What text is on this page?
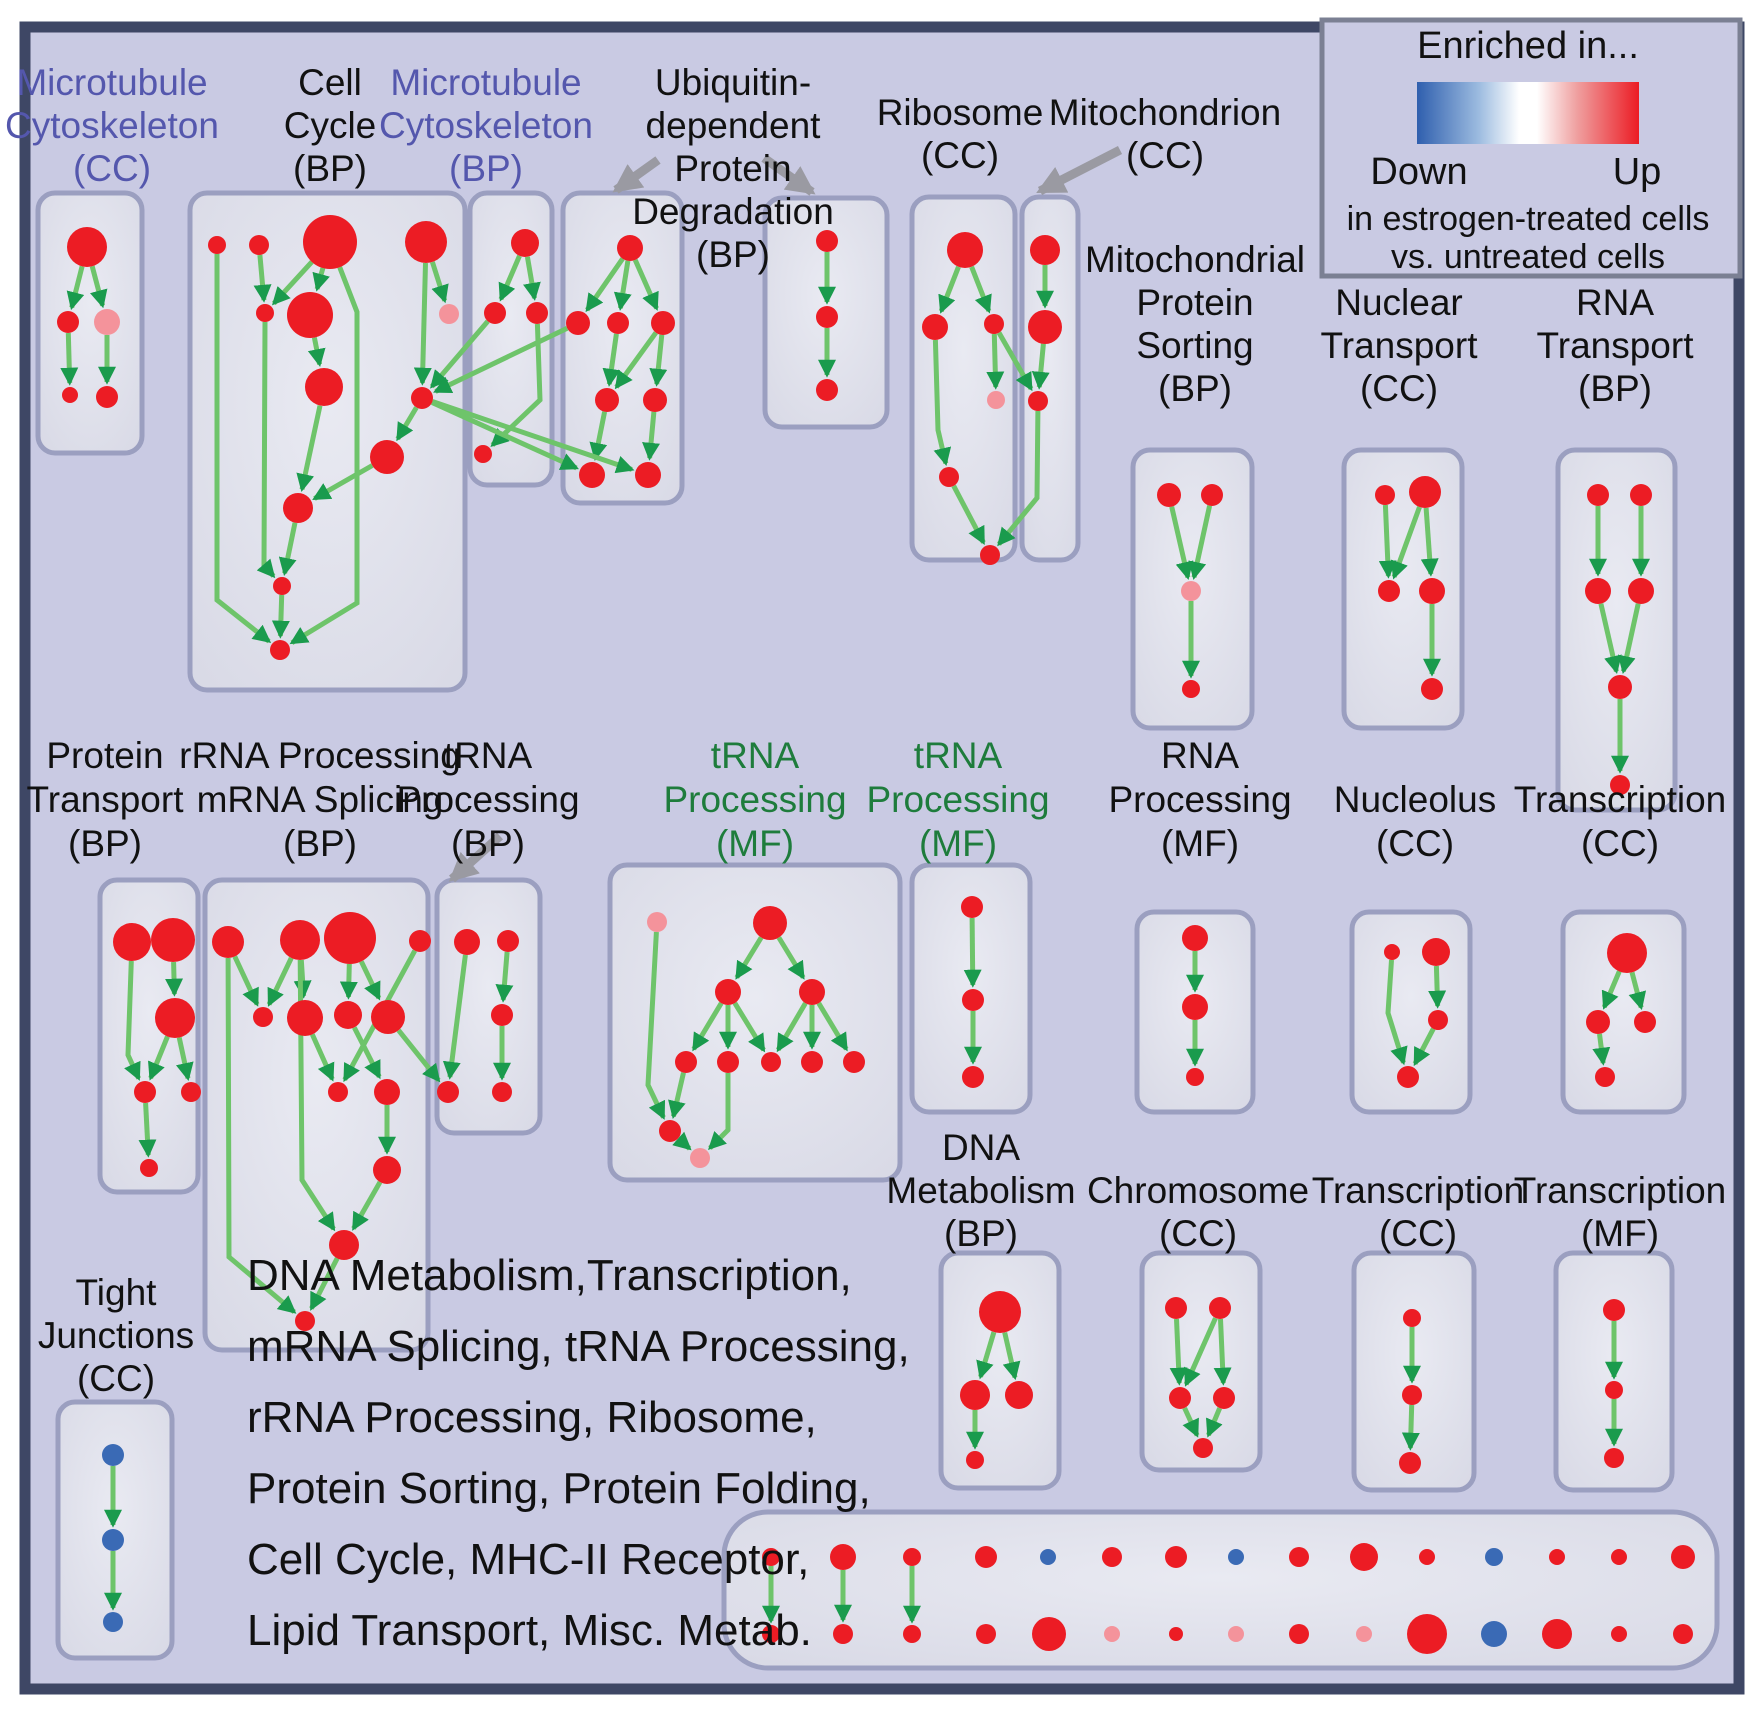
Microtubule Cytoskeleton (CC)
Cell Cycle (BP)
Microtubule Cytoskeleton (BP)
Ubiquitin-dependent Protein Degradation (BP)
Ribosome (CC)
Mitochondrion (CC)
Mitochondrial Protein Sorting (BP)
Nuclear Transport (CC)
RNA Transport (BP)
Protein Transport (BP)
rRNA Processing mRNA Splicing (BP)
tRNA Processing (BP)
tRNA Processing (MF)
tRNA Processing (MF)
RNA Processing (MF)
Nucleolus (CC)
Transcription (CC)
DNA Metabolism (BP)
Chromosome (CC)
Transcription (CC)
Transcription (MF)
Tight Junctions (CC)
Enriched in...
Down	Up
in estrogen-treated cells
vs. untreated cells
DNA Metabolism,Transcription, mRNA Splicing, tRNA Processing, rRNA Processing, Ribosome, Protein Sorting, Protein Folding, Cell Cycle, MHC-II Receptor, Lipid Transport, Misc. Metab.
